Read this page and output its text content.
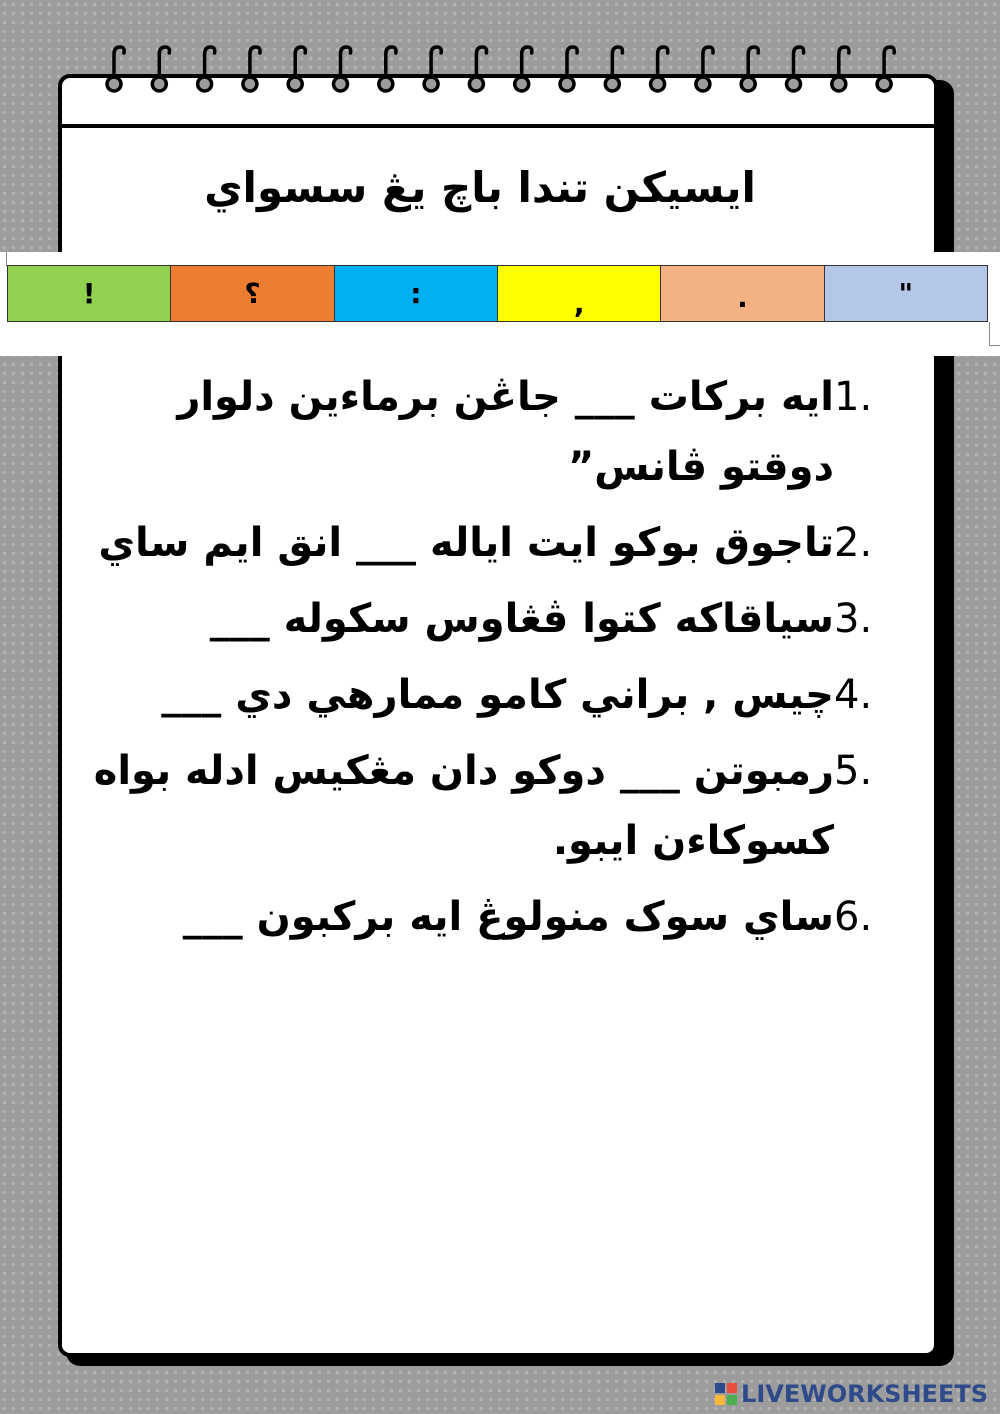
ايسيکن تندا باچ يڠ سسواي
!	؟	:	,	.	"
ايه برکات ___ جاڠن برماءين دلوار دوقتو ڤانس”
1.
تاجوق بوکو ايت اياله ___ انق ايم ساي 2.
سياقاکه کتوا ڤڠاوس سکوله ___ 3.
چيس , براني کامو ممارهي دي ___ 4.
رمبوتن ___ دوکو دان مڠکيس ادله بواه کسوکاءن ايبو.
5.
ساي سوک منولوڠ ايه برکبون ___ 6.
LIVEWORKSHEETS
